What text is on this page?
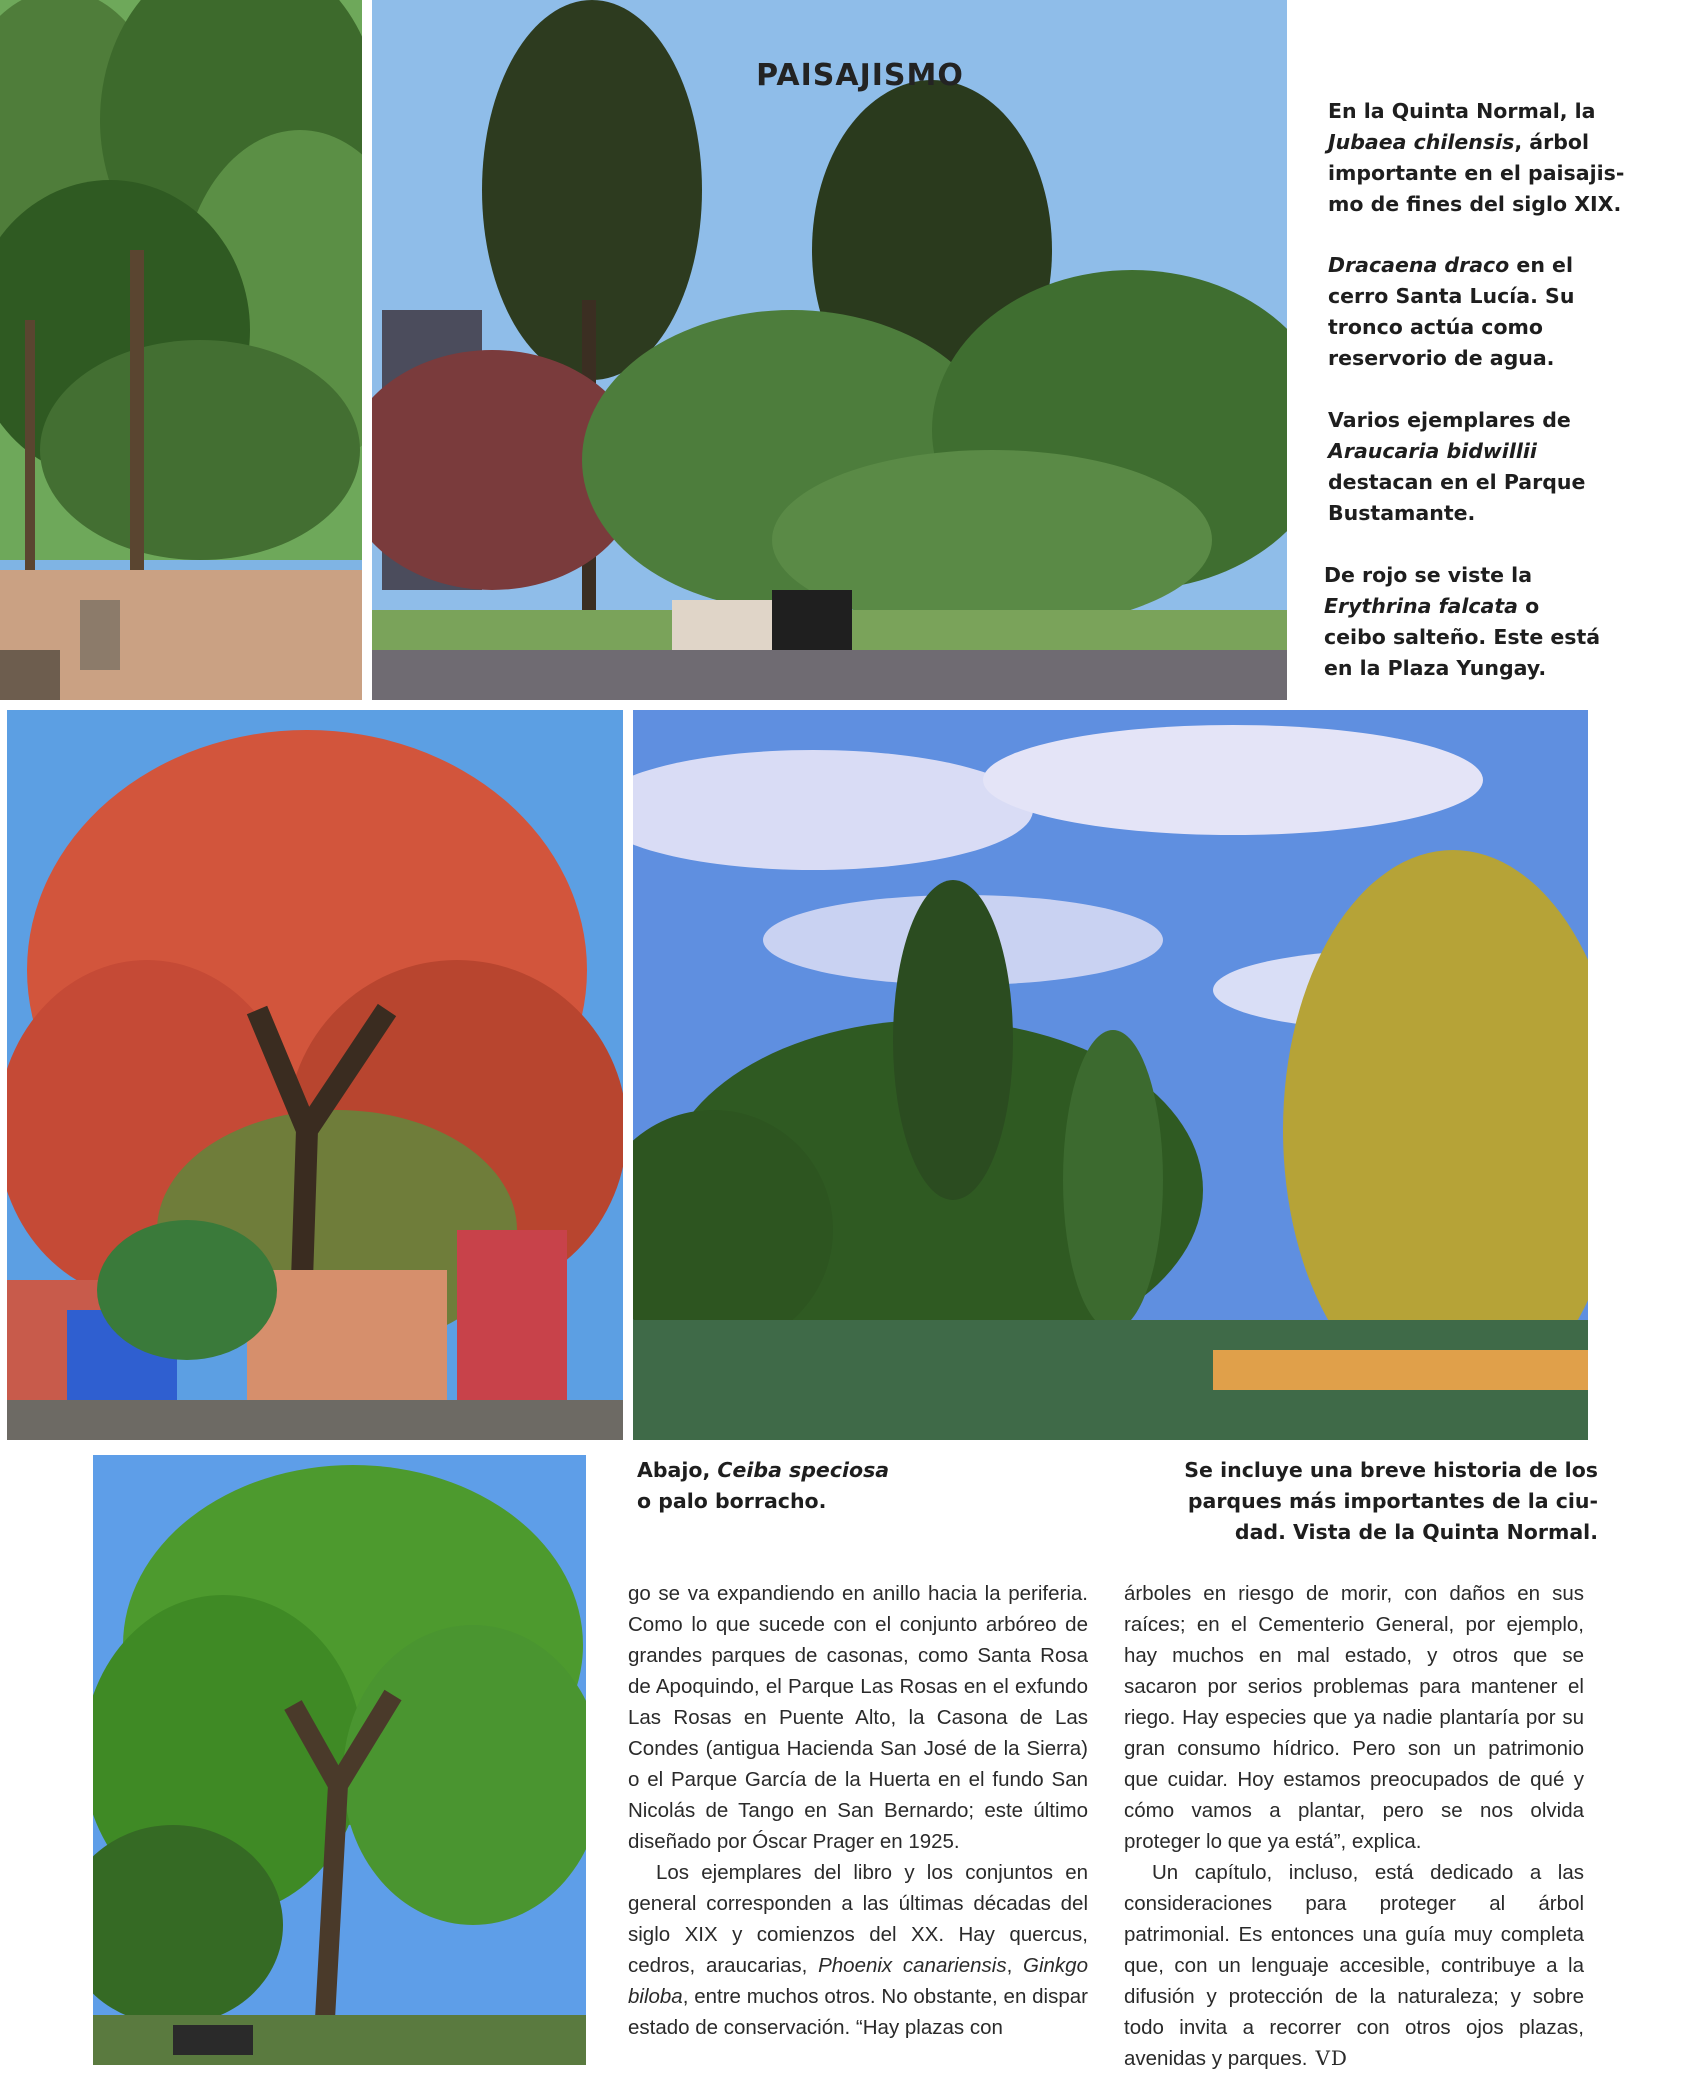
PAISAJISMO
En la Quinta Normal, la
Jubaea chilensis, árbol
importante en el paisajis-
mo de fines del siglo XIX.
Dracaena draco en el
cerro Santa Lucía. Su
tronco actúa como
reservorio de agua.
Varios ejemplares de
Araucaria bidwillii
destacan en el Parque
Bustamante.
De rojo se viste la
Erythrina falcata o
ceibo salteño. Este está
en la Plaza Yungay.
Abajo, Ceiba speciosa
o palo borracho.
Se incluye una breve historia de los
parques más importantes de la ciu-
dad. Vista de la Quinta Normal.

go se va expandiendo en anillo hacia la periferia. Como lo que sucede con el conjunto arbóreo de grandes parques de casonas, como Santa Rosa de Apoquindo, el Parque Las Rosas en el exfundo Las Rosas en Puente Alto, la Casona de Las Condes (antigua Hacienda San José de la Sierra) o el Parque García de la Huerta en el fundo San Nicolás de Tango en San Bernardo; este último diseñado por Óscar Prager en 1925.

Los ejemplares del libro y los conjuntos en general corresponden a las últimas décadas del siglo XIX y comienzos del XX. Hay quercus, cedros, araucarias, Phoenix canariensis, Ginkgo biloba, entre muchos otros. No obstante, en dispar estado de conservación. “Hay plazas con

árboles en riesgo de morir, con daños en sus raíces; en el Cementerio General, por ejemplo, hay muchos en mal estado, y otros que se sacaron por serios problemas para mantener el riego. Hay especies que ya nadie plantaría por su gran consumo hídrico. Pero son un patrimonio que cuidar. Hoy estamos preocupados de qué y cómo vamos a plantar, pero se nos olvida proteger lo que ya está”, explica.

Un capítulo, incluso, está dedicado a las consideraciones para proteger al árbol patrimonial. Es entonces una guía muy completa que, con un lenguaje accesible, contribuye a la difusión y protección de la naturaleza; y sobre todo invita a recorrer con otros ojos plazas, avenidas y parques. VD
